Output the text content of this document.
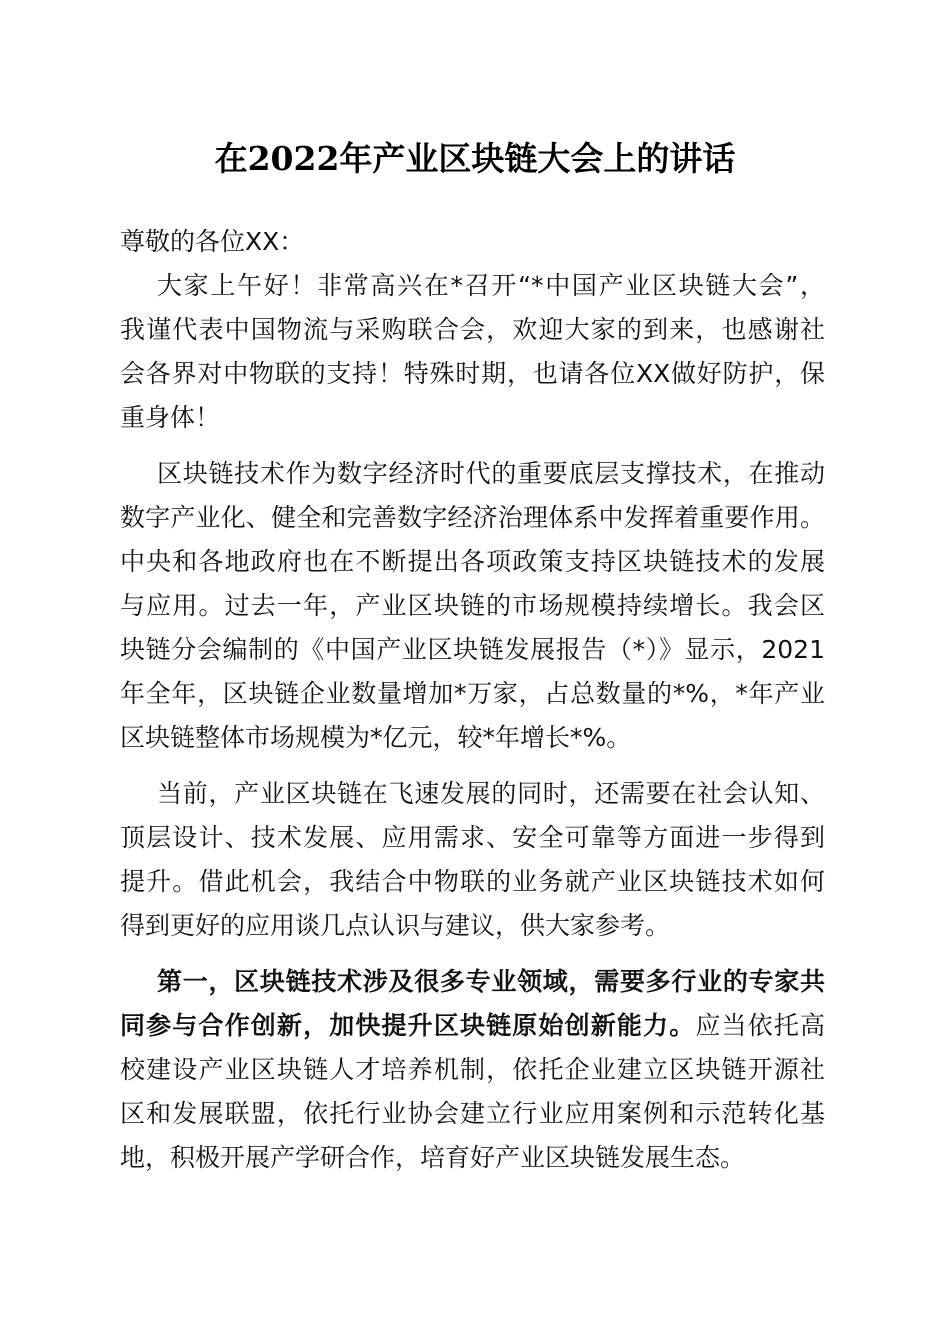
在2022年产业区块链大会上的讲话
尊敬的各位XX：
大家上午好！非常高兴在*召开“*中国产业区块链大会”，
我谨代表中国物流与采购联合会，欢迎大家的到来，也感谢社
会各界对中物联的支持！特殊时期，也请各位XX做好防护，保
重身体！
区块链技术作为数字经济时代的重要底层支撑技术，在推动
数字产业化、健全和完善数字经济治理体系中发挥着重要作用。
中央和各地政府也在不断提出各项政策支持区块链技术的发展
与应用。过去一年，产业区块链的市场规模持续增长。我会区
块链分会编制的《中国产业区块链发展报告（*）》显示，2021
年全年，区块链企业数量增加*万家，占总数量的*%，*年产业
区块链整体市场规模为*亿元，较*年增长*%。
当前，产业区块链在飞速发展的同时，还需要在社会认知、
顶层设计、技术发展、应用需求、安全可靠等方面进一步得到
提升。借此机会，我结合中物联的业务就产业区块链技术如何
得到更好的应用谈几点认识与建议，供大家参考。
第一，区块链技术涉及很多专业领域，需要多行业的专家共
同参与合作创新，加快提升区块链原始创新能力。应当依托高
校建设产业区块链人才培养机制，依托企业建立区块链开源社
区和发展联盟，依托行业协会建立行业应用案例和示范转化基
地，积极开展产学研合作，培育好产业区块链发展生态。
